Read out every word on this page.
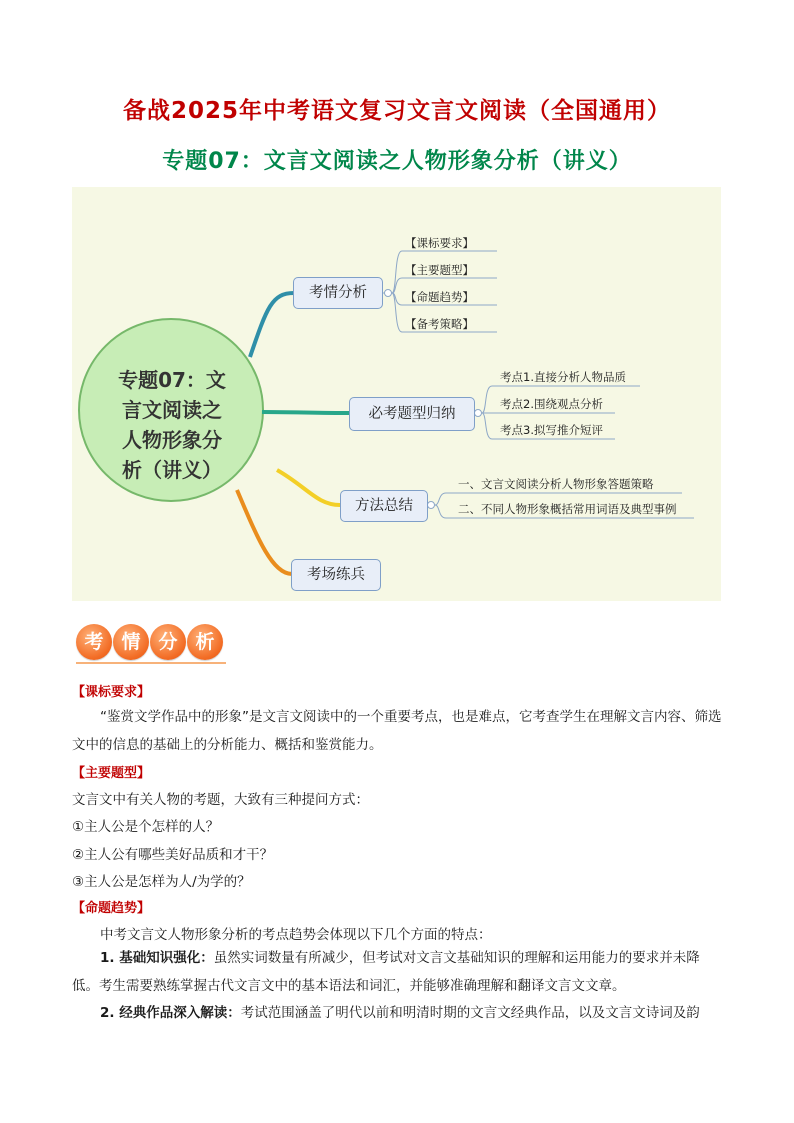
备战2025年中考语文复习文言文阅读（全国通用）
专题07：文言文阅读之人物形象分析（讲义）
专题07：文
言文阅读之
人物形象分
析（讲义）
考情分析
【课标要求】
【主要题型】
【命题趋势】
【备考策略】
必考题型归纳
考点1.直接分析人物品质
考点2.围绕观点分析
考点3.拟写推介短评
方法总结
一、文言文阅读分析人物形象答题策略
二、不同人物形象概括常用词语及典型事例
考场练兵
考 情 分 析
【课标要求】
“鉴赏文学作品中的形象”是文言文阅读中的一个重要考点，也是难点，它考查学生在理解文言内容、筛选文中的信息的基础上的分析能力、概括和鉴赏能力。
【主要题型】
文言文中有关人物的考题，大致有三种提问方式：
①主人公是个怎样的人？
②主人公有哪些美好品质和才干？
③主人公是怎样为人/为学的？
【命题趋势】
中考文言文人物形象分析的考点趋势会体现以下几个方面的特点：
1. 基础知识强化：虽然实词数量有所减少，但考试对文言文基础知识的理解和运用能力的要求并未降低。考生需要熟练掌握古代文言文中的基本语法和词汇，并能够准确理解和翻译文言文文章。
2. 经典作品深入解读：考试范围涵盖了明代以前和明清时期的文言文经典作品，以及文言文诗词及韵
